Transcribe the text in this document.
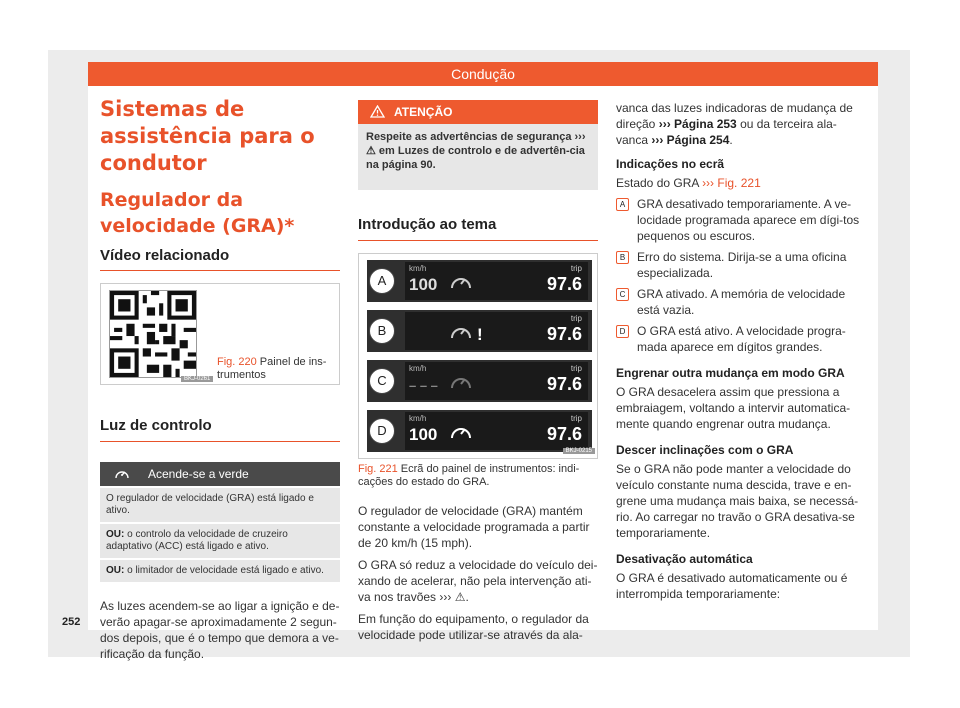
Condução
252
Sistemas de assistência para o condutor
Regulador da velocidade (GRA)*
Vídeo relacionado
BKJ-0261
Fig. 220 Painel de ins-trumentos
Luz de controlo
Acende-se a verde
O regulador de velocidade (GRA) está ligado e ativo.
OU: o controlo da velocidade de cruzeiro adaptativo (ACC) está ligado e ativo.
OU: o limitador de velocidade está ligado e ativo.

As luzes acendem-se ao ligar a ignição e de-verão apagar-se aproximadamente 2 segun-dos depois, que é o tempo que demora a ve-rificação da função.

ATENÇÃO
Respeite as advertências de segurança ››› ⚠ em Luzes de controlo e de advertên-cia na página 90.
Introdução ao tema
A
km/h
100
trip
97.6
B	!
trip
97.6
C
km/h
– – –
trip
97.6
D
km/h
100
trip
97.6
BKJ-0215
Fig. 221 Ecrã do painel de instrumentos: indi-cações do estado do GRA.

O regulador de velocidade (GRA) mantém constante a velocidade programada a partir de 20 km/h (15 mph).

O GRA só reduz a velocidade do veículo dei-xando de acelerar, não pela intervenção ati-va nos travões ››› ⚠.

Em função do equipamento, o regulador da velocidade pode utilizar-se através da ala-

vanca das luzes indicadoras de mudança de direção ››› Página 253 ou da terceira ala-vanca ››› Página 254.

Indicações no ecrã

Estado do GRA ››› Fig. 221

A GRA desativado temporariamente. A ve-locidade programada aparece em dígi-tos pequenos ou escuros.

B Erro do sistema. Dirija-se a uma oficina especializada.

C GRA ativado. A memória de velocidade está vazia.

D O GRA está ativo. A velocidade progra-mada aparece em dígitos grandes.

Engrenar outra mudança em modo GRA

O GRA desacelera assim que pressiona a embraiagem, voltando a intervir automatica-mente quando engrenar outra mudança.

Descer inclinações com o GRA

Se o GRA não pode manter a velocidade do veículo constante numa descida, trave e en-grene uma mudança mais baixa, se necessá-rio. Ao carregar no travão o GRA desativa-se temporariamente.

Desativação automática

O GRA é desativado automaticamente ou é interrompida temporariamente:
